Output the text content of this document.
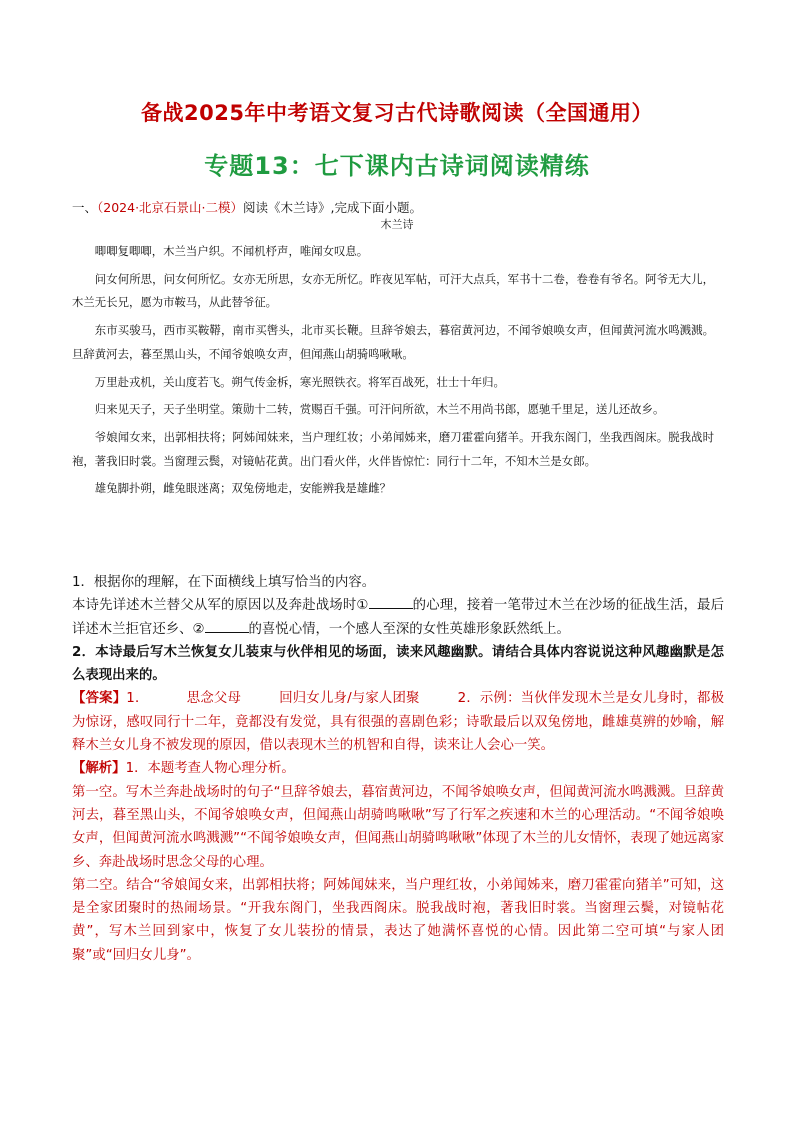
备战2025年中考语文复习古代诗歌阅读（全国通用）
专题13：七下课内古诗词阅读精练
一、（2024·北京石景山·二模）阅读《木兰诗》,完成下面小题。
木兰诗

唧唧复唧唧，木兰当户织。不闻机杼声，唯闻女叹息。

问女何所思，问女何所忆。女亦无所思，女亦无所忆。昨夜见军帖，可汗大点兵，军书十二卷，卷卷有爷名。阿爷无大儿，木兰无长兄，愿为市鞍马，从此替爷征。

东市买骏马，西市买鞍鞯，南市买辔头，北市买长鞭。旦辞爷娘去，暮宿黄河边，不闻爷娘唤女声，但闻黄河流水鸣溅溅。旦辞黄河去，暮至黑山头，不闻爷娘唤女声，但闻燕山胡骑鸣啾啾。

万里赴戎机，关山度若飞。朔气传金柝，寒光照铁衣。将军百战死，壮士十年归。

归来见天子，天子坐明堂。策勋十二转，赏赐百千强。可汗问所欲，木兰不用尚书郎，愿驰千里足，送儿还故乡。

爷娘闻女来，出郭相扶将；阿姊闻妹来，当户理红妆；小弟闻姊来，磨刀霍霍向猪羊。开我东阁门，坐我西阁床。脱我战时袍，著我旧时裳。当窗理云鬓，对镜帖花黄。出门看火伴，火伴皆惊忙：同行十二年，不知木兰是女郎。

雄兔脚扑朔，雌兔眼迷离；双兔傍地走，安能辨我是雄雌？

1．根据你的理解，在下面横线上填写恰当的内容。

本诗先详述木兰替父从军的原因以及奔赴战场时①	的心理，接着一笔带过木兰在沙场的征战生活，最后详述木兰拒官还乡、②	的喜悦心情，一个感人至深的女性英雄形象跃然纸上。

2．本诗最后写木兰恢复女儿装束与伙伴相见的场面，读来风趣幽默。请结合具体内容说说这种风趣幽默是怎么表现出来的。

【答案】1．	思念父母	回归女儿身/与家人团聚	2．示例：当伙伴发现木兰是女儿身时，都极为惊讶，感叹同行十二年，竟都没有发觉，具有很强的喜剧色彩；诗歌最后以双兔傍地，雌雄莫辨的妙喻，解释木兰女儿身不被发现的原因，借以表现木兰的机智和自得，读来让人会心一笑。

【解析】1．本题考查人物心理分析。

第一空。写木兰奔赴战场时的句子“旦辞爷娘去，暮宿黄河边，不闻爷娘唤女声，但闻黄河流水鸣溅溅。旦辞黄河去，暮至黑山头，不闻爷娘唤女声，但闻燕山胡骑鸣啾啾”写了行军之疾速和木兰的心理活动。“不闻爷娘唤女声，但闻黄河流水鸣溅溅”“不闻爷娘唤女声，但闻燕山胡骑鸣啾啾”体现了木兰的儿女情怀，表现了她远离家乡、奔赴战场时思念父母的心理。

第二空。结合“爷娘闻女来，出郭相扶将；阿姊闻妹来，当户理红妆，小弟闻姊来，磨刀霍霍向猪羊”可知，这是全家团聚时的热闹场景。“开我东阁门，坐我西阁床。脱我战时袍，著我旧时裳。当窗理云鬓，对镜帖花黄”，写木兰回到家中，恢复了女儿装扮的情景，表达了她满怀喜悦的心情。因此第二空可填“与家人团聚”或“回归女儿身”。
